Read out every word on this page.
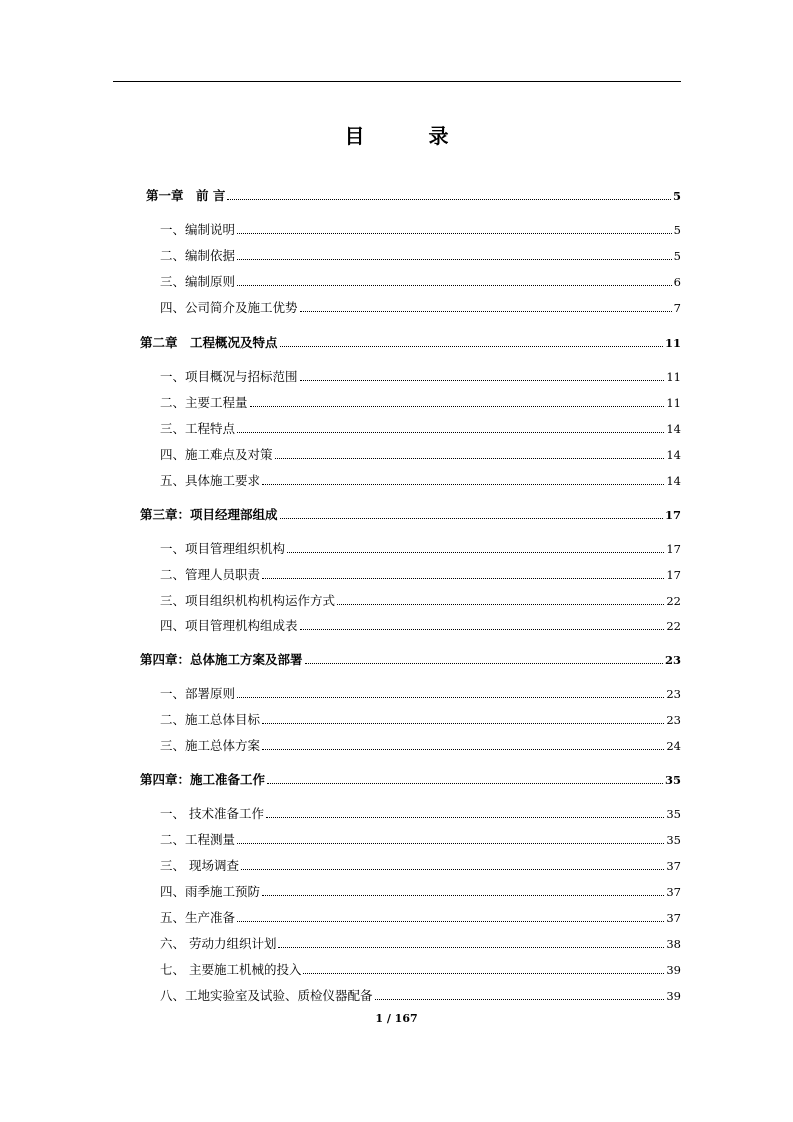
目	录
第一章　前 言	5
一、编制说明	5
二、编制依据	5
三、编制原则	6
四、公司简介及施工优势	7
第二章　工程概况及特点	11
一、项目概况与招标范围	11
二、主要工程量	11
三、工程特点	14
四、施工难点及对策	14
五、具体施工要求	14
第三章：项目经理部组成	17
一、项目管理组织机构	17
二、管理人员职责	17
三、项目组织机构机构运作方式	22
四、项目管理机构组成表	22
第四章：总体施工方案及部署	23
一、部署原则	23
二、施工总体目标	23
三、施工总体方案	24
第四章：施工准备工作	35
一、 技术准备工作	35
二、工程测量	35
三、 现场调查	37
四、雨季施工预防	37
五、生产准备	37
六、 劳动力组织计划	38
七、 主要施工机械的投入	39
八、工地实验室及试验、质检仪器配备	39
1 / 167
